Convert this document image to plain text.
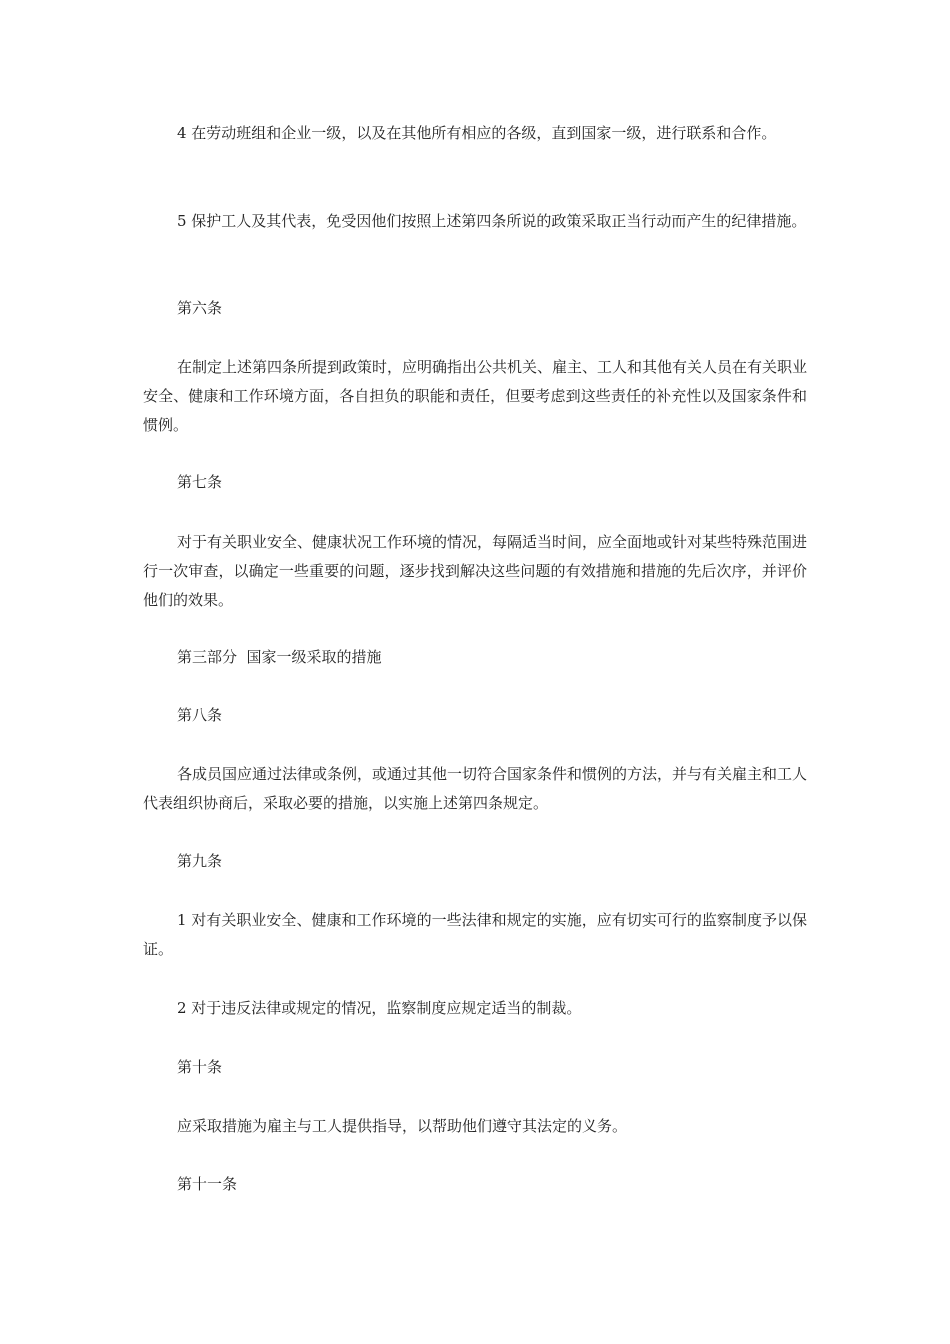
4 在劳动班组和企业一级，以及在其他所有相应的各级，直到国家一级，进行联系和合作。

5 保护工人及其代表，免受因他们按照上述第四条所说的政策采取正当行动而产生的纪律措施。

第六条

在制定上述第四条所提到政策时，应明确指出公共机关、雇主、工人和其他有关人员在有关职业安全、健康和工作环境方面，各自担负的职能和责任，但要考虑到这些责任的补充性以及国家条件和惯例。

第七条

对于有关职业安全、健康状况工作环境的情况，每隔适当时间，应全面地或针对某些特殊范围进行一次审查，以确定一些重要的问题，逐步找到解决这些问题的有效措施和措施的先后次序，并评价他们的效果。

第三部分  国家一级采取的措施

第八条

各成员国应通过法律或条例，或通过其他一切符合国家条件和惯例的方法，并与有关雇主和工人代表组织协商后，采取必要的措施，以实施上述第四条规定。

第九条

1 对有关职业安全、健康和工作环境的一些法律和规定的实施，应有切实可行的监察制度予以保证。

2 对于违反法律或规定的情况，监察制度应规定适当的制裁。

第十条

应采取措施为雇主与工人提供指导，以帮助他们遵守其法定的义务。

第十一条
